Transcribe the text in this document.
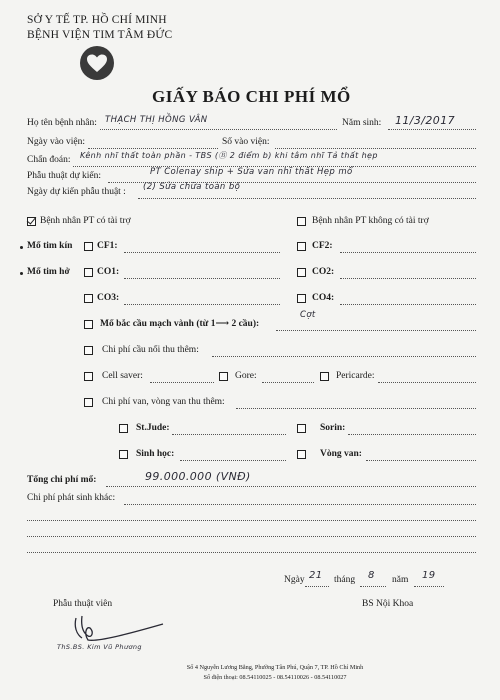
SỞ Y TẾ TP. HỒ CHÍ MINH
BỆNH VIỆN TIM TÂM ĐỨC
GIẤY BÁO CHI PHÍ MỔ
Họ tên bệnh nhân: THẠCH THỊ HỒNG VÂN	Năm sinh: 11/3/2017
Ngày vào viện:	Số vào viện:
Chẩn đoán: Kênh nhĩ thất toàn phần - TBS (Ⓑ 2 điểm b) khi tâm nhĩ Tả thất hẹp
Phẫu thuật dự kiến:	PT Colenay ship + Sửa van nhĩ thất Hẹp mổ
Ngày dự kiến phẫu thuật : (2) Sửa chữa toàn bộ
Bệnh nhân PT có tài trợ	Bệnh nhân PT không có tài trợ
Mổ tim kín	CF1:	CF2:
Mổ tim hở	CO1:	CO2:
CO3:	CO4:
Mổ bắc cầu mạch vành (từ 1⟶ 2 cầu):
Cợt
Chi phí cầu nối thu thêm:
Cell saver:	Gore:	Pericarde:
Chi phí van, vòng van thu thêm:
St.Jude:	Sorin:
Sinh học:	Vòng van:
Tổng chi phí mổ:	99.000.000 (VNĐ)
Chi phí phát sinh khác:
Ngày 21 tháng 8 năm 19
Phẫu thuật viên	BS Nội Khoa
ThS.BS. Kim Vũ Phương
Số 4 Nguyễn Lương Bằng, Phường Tân Phú, Quận 7, TP. Hồ Chí Minh
Số điện thoại: 08.54110025 - 08.54110026 - 08.54110027
